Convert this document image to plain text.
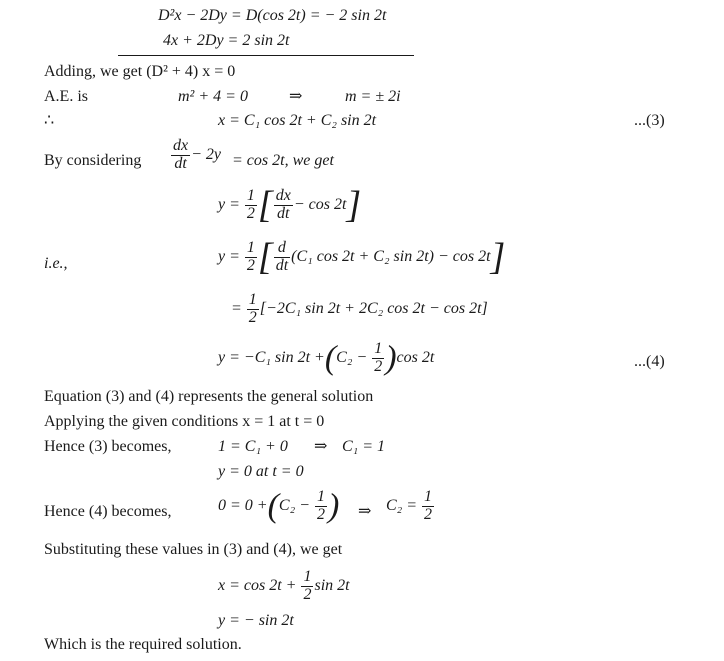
D²x − 2Dy = D(cos 2t) = − 2 sin 2t
4x + 2Dy = 2 sin 2t
Adding, we get (D² + 4) x = 0
A.E. is	m² + 4 = 0	⇒	m = ± 2i
∴	x = C₁ cos 2t + C₂ sin 2t	...(3)
By considering $\frac{dx}{dt} - 2y = \cos 2t$, we get
$y = \frac{1}{2}$ [ $\frac{dx}{dt} - \cos 2t$]
i.e.,	$y = \frac{1}{2}$ [ $\frac{d}{dt} (C_1$ cos 2t + C₂ sin 2t) − cos 2t]
= $\frac{1}{2} [-2C_1$ sin 2t + 2C₂ cos 2t − cos 2t]
y = −C₁ $\sin 2t +(C_2 - \frac{1}{2} )\cos$ 2t	...(4)
Equation (3) and (4) represents the general solution
Applying the given conditions x = 1 at t = 0
Hence (3) becomes,	1 = C₁ + 0 ⇒ C₁ = 1
y = 0 at t = 0
Hence (4) becomes,	$0 = 0 +(C_2 - \frac{1}{2}$ ) ⇒ $C_2 = \frac{1}{2}$
Substituting these values in (3) and (4), we get
$x = \cos 2t + \frac{1}{2}$ sin 2t
y = − sin 2t
Which is the required solution.
